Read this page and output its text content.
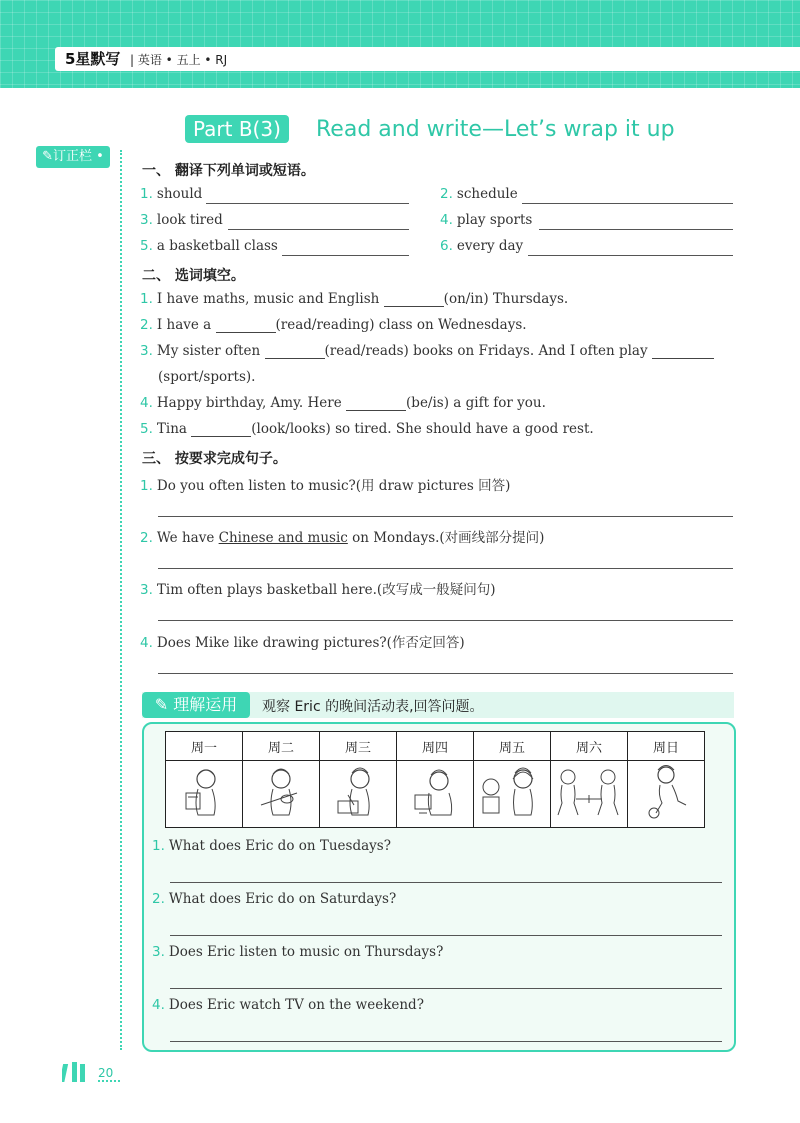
5星默写 | 英语 • 五上 • RJ
Part B(3)	Read and write—Let’s wrap it up
✎订正栏 •
一、 翻译下列单词或短语。
1. should	2. schedule
3. look tired	4. play sports
5. a basketball class	6. every day
二、 选词填空。
1. I have maths, music and English	(on/in) Thursdays.
2. I have a	(read/reading) class on Wednesdays.
3. My sister often	(read/reads) books on Fridays. And I often play
(sport/sports).
4. Happy birthday, Amy. Here	(be/is) a gift for you.
5. Tina	(look/looks) so tired. She should have a good rest.
三、 按要求完成句子。
1. Do you often listen to music?(用 draw pictures 回答)
2. We have Chinese and music on Mondays.(对画线部分提问)
3. Tim often plays basketball here.(改写成一般疑问句)
4. Does Mike like drawing pictures?(作否定回答)
✎ 理解运用	观察 Eric 的晚间活动表,回答问题。
周一	周二	周三	周四	周五	周六	周日

1. What does Eric do on Tuesdays?
2. What does Eric do on Saturdays?
3. Does Eric listen to music on Thursdays?
4. Does Eric watch TV on the weekend?
20
